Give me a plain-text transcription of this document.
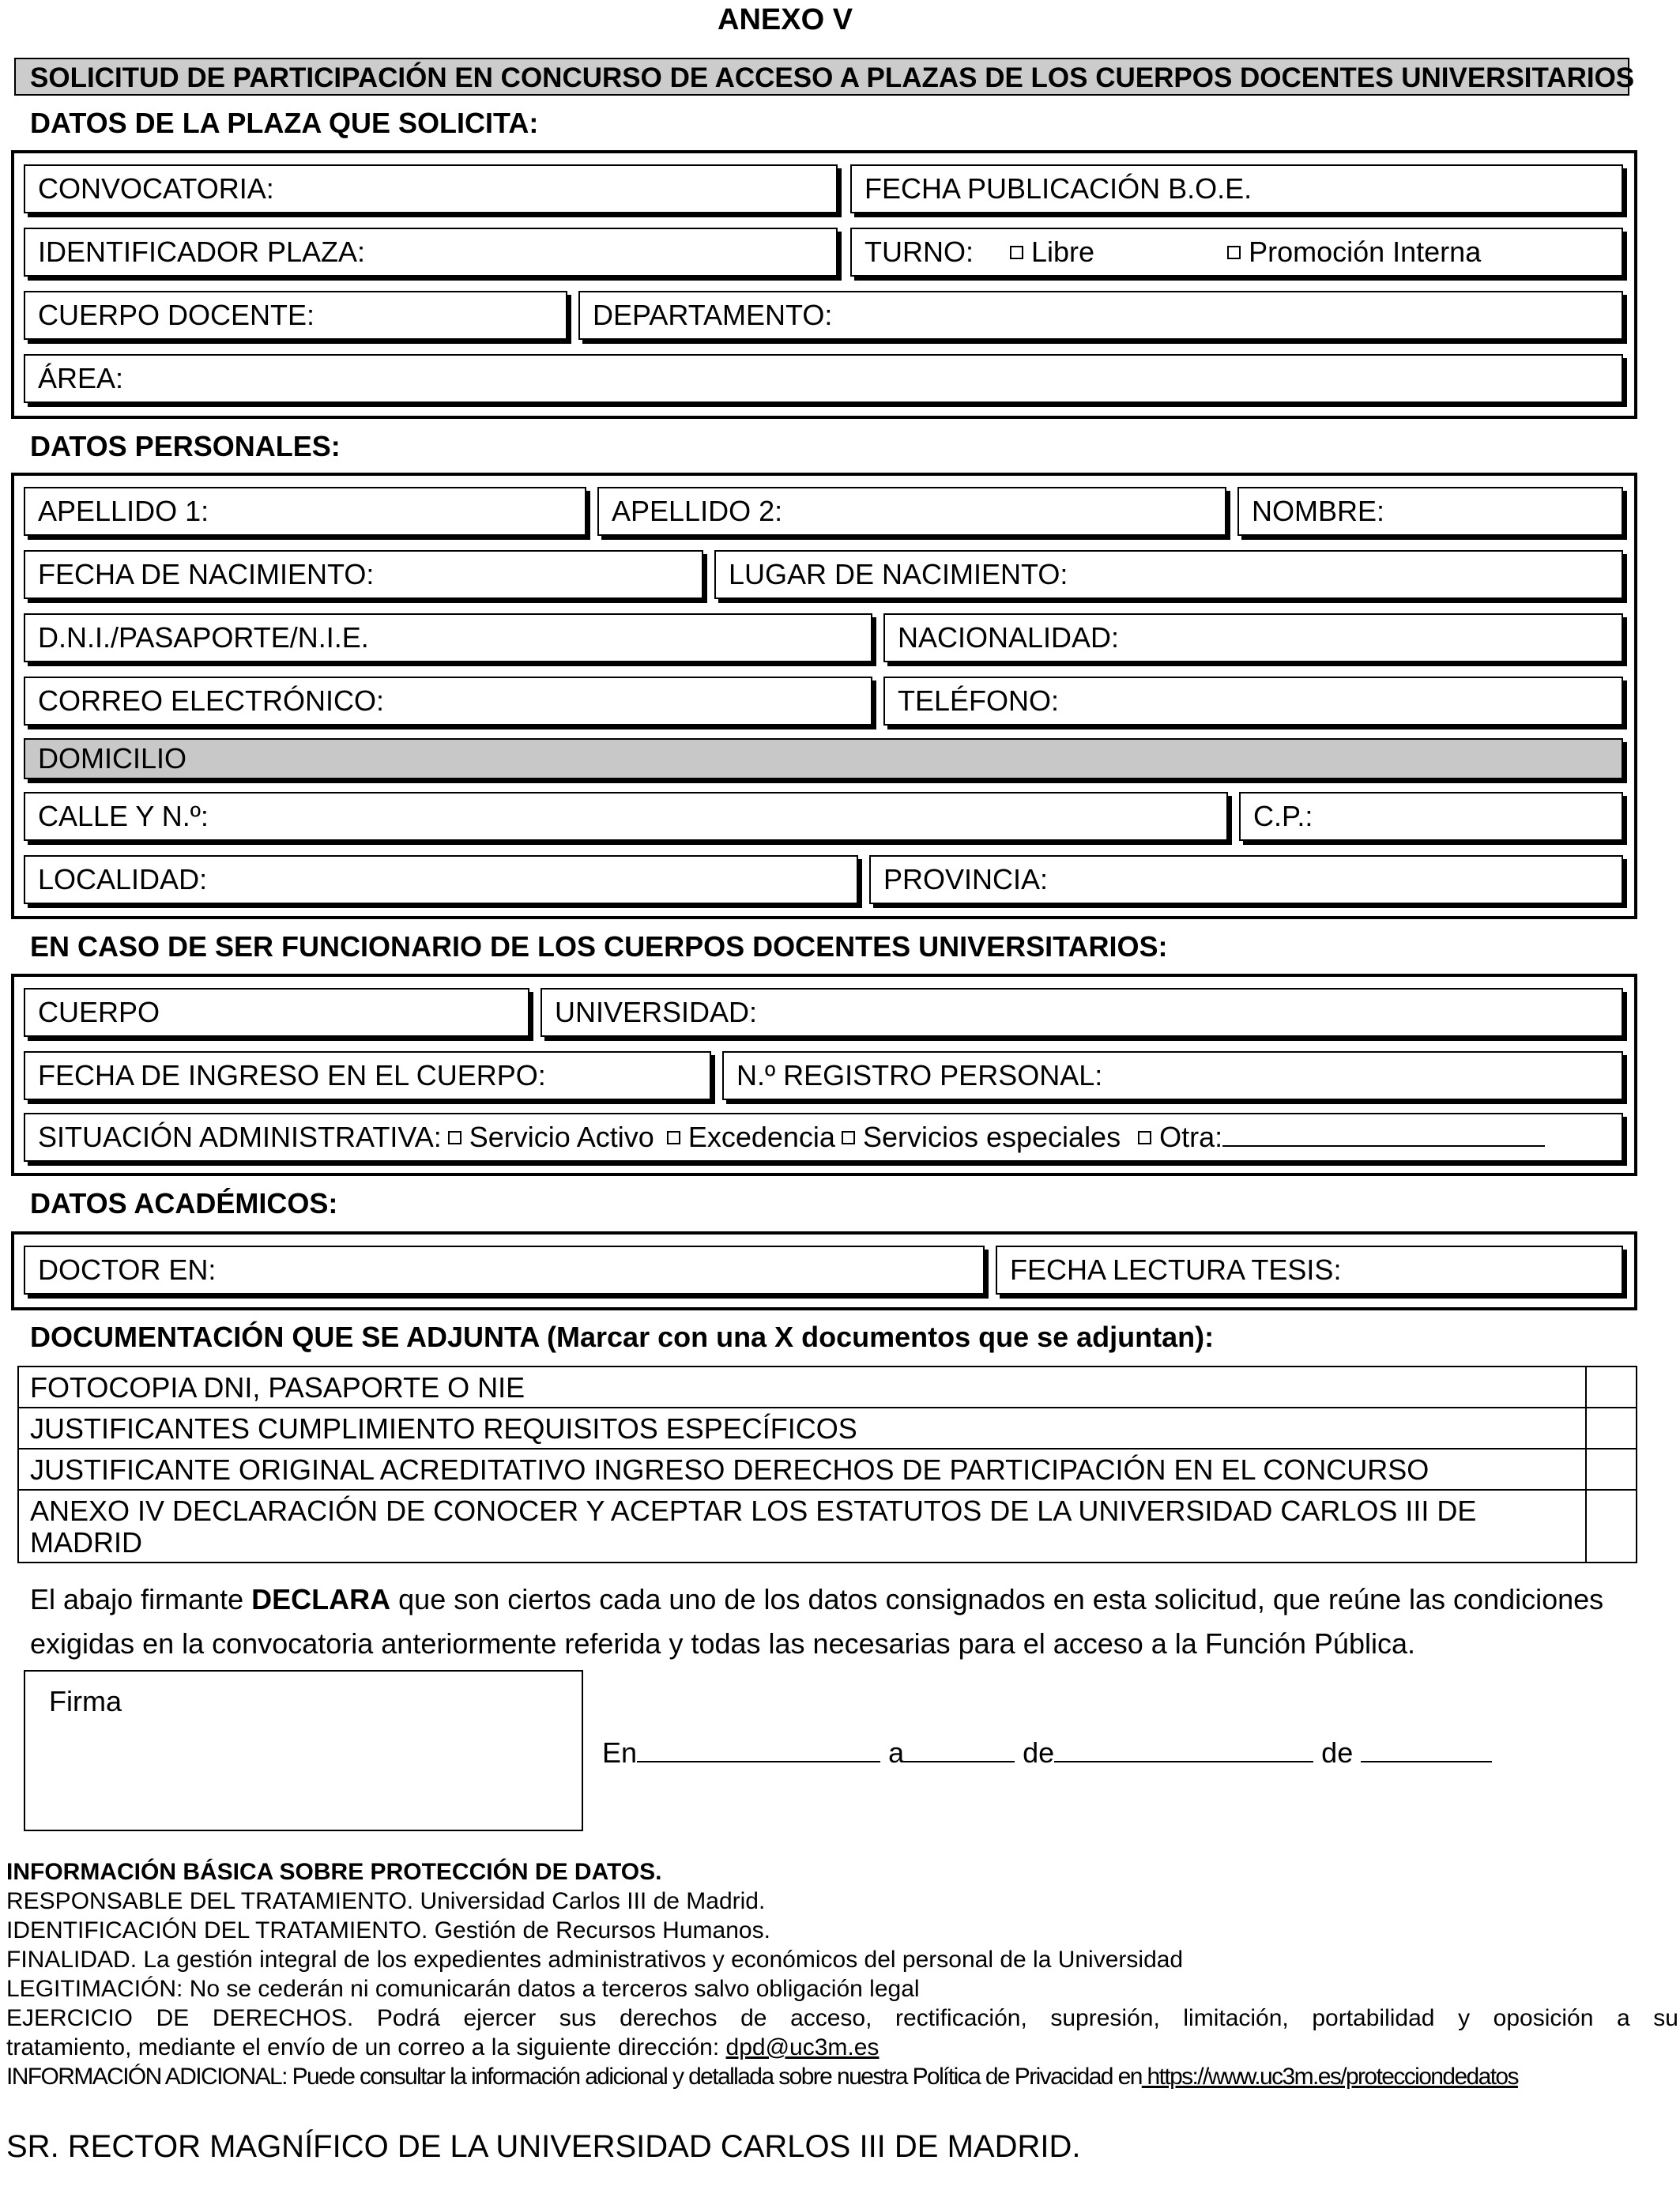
ANEXO V
SOLICITUD DE PARTICIPACIÓN EN CONCURSO DE ACCESO A PLAZAS DE LOS CUERPOS DOCENTES UNIVERSITARIOS
DATOS DE LA PLAZA QUE SOLICITA:
CONVOCATORIA:	FECHA PUBLICACIÓN B.O.E.
IDENTIFICADOR PLAZA:	TURNO: Libre	Promoción Interna
CUERPO DOCENTE:	DEPARTAMENTO:
ÁREA:
DATOS PERSONALES:
APELLIDO 1:	APELLIDO 2:	NOMBRE:
FECHA DE NACIMIENTO:	LUGAR DE NACIMIENTO:
D.N.I./PASAPORTE/N.I.E.	NACIONALIDAD:
CORREO ELECTRÓNICO:	TELÉFONO:
DOMICILIO
CALLE Y N.º:	C.P.:
LOCALIDAD:	PROVINCIA:
EN CASO DE SER FUNCIONARIO DE LOS CUERPOS DOCENTES UNIVERSITARIOS:
CUERPO	UNIVERSIDAD:
FECHA DE INGRESO EN EL CUERPO:	N.º REGISTRO PERSONAL:
SITUACIÓN ADMINISTRATIVA: Servicio Activo Excedencia Servicios especiales Otra:
DATOS ACADÉMICOS:
DOCTOR EN:	FECHA LECTURA TESIS:
DOCUMENTACIÓN QUE SE ADJUNTA (Marcar con una X documentos que se adjuntan):
FOTOCOPIA DNI, PASAPORTE O NIE	
JUSTIFICANTES CUMPLIMIENTO REQUISITOS ESPECÍFICOS	
JUSTIFICANTE ORIGINAL ACREDITATIVO INGRESO DERECHOS DE PARTICIPACIÓN EN EL CONCURSO	
ANEXO IV DECLARACIÓN DE CONOCER Y ACEPTAR LOS ESTATUTOS DE LA UNIVERSIDAD CARLOS III DE MADRID	
El abajo firmante DECLARA que son ciertos cada uno de los datos consignados en esta solicitud, que reúne las condiciones
exigidas en la convocatoria anteriormente referida y todas las necesarias para el acceso a la Función Pública.
Firma
En	a	de	de
INFORMACIÓN BÁSICA SOBRE PROTECCIÓN DE DATOS.
RESPONSABLE DEL TRATAMIENTO. Universidad Carlos III de Madrid.
IDENTIFICACIÓN DEL TRATAMIENTO. Gestión de Recursos Humanos.
FINALIDAD. La gestión integral de los expedientes administrativos y económicos del personal de la Universidad
LEGITIMACIÓN: No se cederán ni comunicarán datos a terceros salvo obligación legal
EJERCICIO DE DERECHOS. Podrá ejercer sus derechos de acceso, rectificación, supresión, limitación, portabilidad y oposición a su
tratamiento, mediante el envío de un correo a la siguiente dirección: dpd@uc3m.es
INFORMACIÓN ADICIONAL: Puede consultar la información adicional y detallada sobre nuestra Política de Privacidad en https://www.uc3m.es/protecciondedatos
SR. RECTOR MAGNÍFICO DE LA UNIVERSIDAD CARLOS III DE MADRID.
